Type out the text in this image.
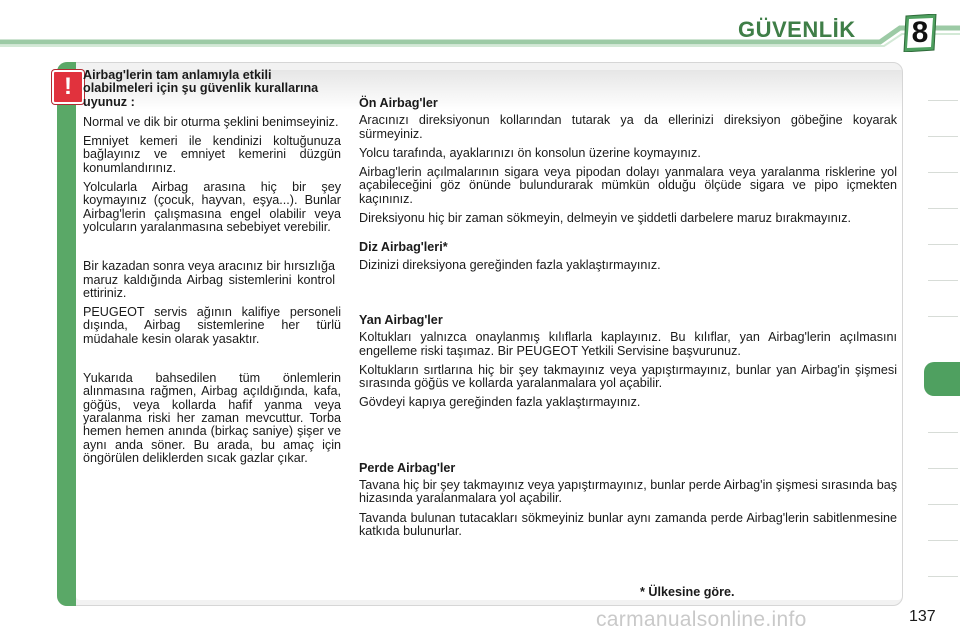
GÜVENLİK	8
! Airbag'lerin tam anlamıyla etkili olabilmeleri için şu güvenlik kurallarına uyunuz :

Normal ve dik bir oturma şeklini benimseyiniz.

Emniyet kemeri ile kendinizi koltuğunuza bağlayınız ve emniyet kemerini düzgün konumlandırınız.

Yolcularla Airbag arasına hiç bir şey koymayınız (çocuk, hayvan, eşya...). Bunlar Airbag'lerin çalışmasına engel olabilir veya yolcuların yaralanmasına sebebiyet verebilir.

Bir kazadan sonra veya aracınız bir hırsızlığa maruz kaldığında Airbag sistemlerini kontrol ettiriniz.

PEUGEOT servis ağının kalifiye personeli dışında, Airbag sistemlerine her türlü müdahale kesin olarak yasaktır.

Yukarıda bahsedilen tüm önlemlerin alınmasına rağmen, Airbag açıldığında, kafa, göğüs, veya kollarda hafif yanma veya yaralanma riski her zaman mevcuttur. Torba hemen hemen anında (birkaç saniye) şişer ve aynı anda söner. Bu arada, bu amaç için öngörülen deliklerden sıcak gazlar çıkar.

Ön Airbag'ler

Aracınızı direksiyonun kollarından tutarak ya da ellerinizi direksiyon göbeğine koyarak sürmeyiniz.

Yolcu tarafında, ayaklarınızı ön konsolun üzerine koymayınız.

Airbag'lerin açılmalarının sigara veya pipodan dolayı yanmalara veya yaralanma risklerine yol açabileceğini göz önünde bulundurarak mümkün olduğu ölçüde sigara ve pipo içmekten kaçınınız.

Direksiyonu hiç bir zaman sökmeyin, delmeyin ve şiddetli darbelere maruz bırakmayınız.

Diz Airbag'leri*

Dizinizi direksiyona gereğinden fazla yaklaştırmayınız.

Yan Airbag'ler

Koltukları yalnızca onaylanmış kılıflarla kaplayınız. Bu kılıflar, yan Airbag'lerin açılmasını engelleme riski taşımaz. Bir PEUGEOT Yetkili Servisine başvurunuz.

Koltukların sırtlarına hiç bir şey takmayınız veya yapıştırmayınız, bunlar yan Airbag'in şişmesi sırasında göğüs ve kollarda yaralanmalara yol açabilir.

Gövdeyi kapıya gereğinden fazla yaklaştırmayınız.

Perde Airbag'ler

Tavana hiç bir şey takmayınız veya yapıştırmayınız, bunlar perde Airbag'in şişmesi sırasında baş hizasında yaralanmalara yol açabilir.

Tavanda bulunan tutacakları sökmeyiniz bunlar aynı zamanda perde Airbag'lerin sabitlenmesine katkıda bulunurlar.

* Ülkesine göre.
carmanualsonline.info	137
